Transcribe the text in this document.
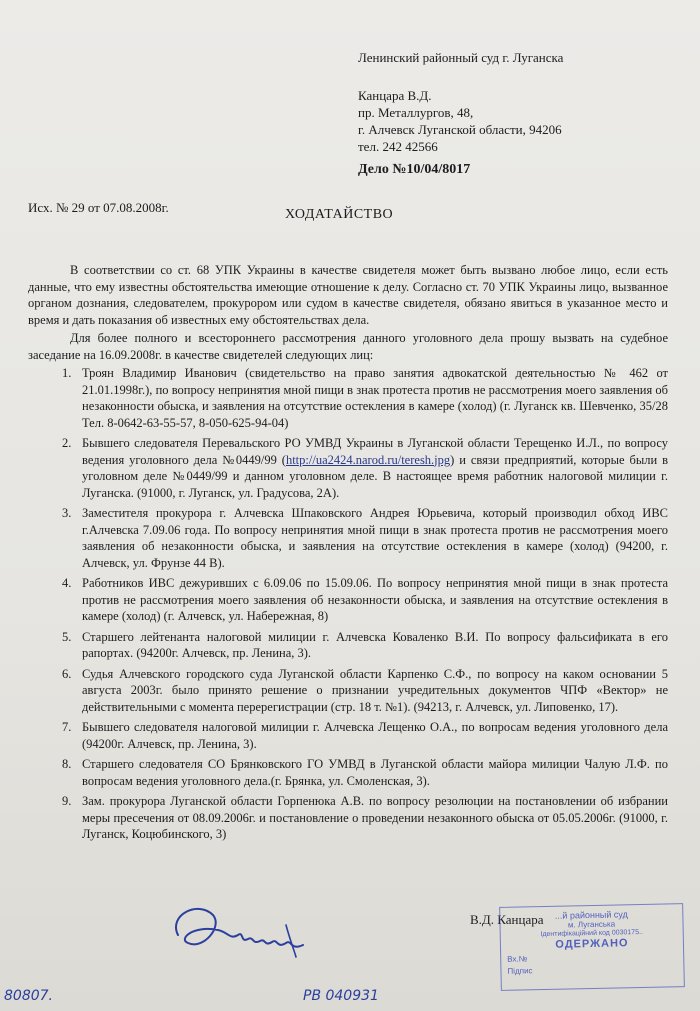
Ленинский районный суд г. Луганска
Канцара В.Д.
пр. Металлургов, 48,
г. Алчевск Луганской области, 94206
тел. 242 42566
Дело №10/04/8017
Исх. № 29 от 07.08.2008г.	ХОДАТАЙСТВО

В соответствии со ст. 68 УПК Украины в качестве свидетеля может быть вызвано любое лицо, если есть данные, что ему известны обстоятельства имеющие отношение к делу. Согласно ст. 70 УПК Украины лицо, вызванное органом дознания, следователем, прокурором или судом в качестве свидетеля, обязано явиться в указанное место и время и дать показания об известных ему обстоятельствах дела.

Для более полного и всестороннего рассмотрения данного уголовного дела прошу вызвать на судебное заседание на 16.09.2008г. в качестве свидетелей следующих лиц:

1. Троян Владимир Иванович (свидетельство на право занятия адвокатской деятельностью № 462 от 21.01.1998г.), по вопросу непринятия мной пищи в знак протеста против не рассмотрения моего заявления об незаконности обыска, и заявления на отсутствие остекления в камере (холод) (г. Луганск кв. Шевченко, 35/28 Тел. 8-0642-63-55-57, 8-050-625-94-04)
2. Бывшего следователя Перевальского РО УМВД Украины в Луганской области Терещенко И.Л., по вопросу ведения уголовного дела №0449/99 (http://ua2424.narod.ru/teresh.jpg) и связи предприятий, которые были в уголовном деле №0449/99 и данном уголовном деле. В настоящее время работник налоговой милиции г. Луганска. (91000, г. Луганск, ул. Градусова, 2А).
3. Заместителя прокурора г. Алчевска Шпаковского Андрея Юрьевича, который производил обход ИВС г.Алчевска 7.09.06 года. По вопросу непринятия мной пищи в знак протеста против не рассмотрения моего заявления об незаконности обыска, и заявления на отсутствие остекления в камере (холод) (94200, г. Алчевск, ул. Фрунзе 44 В).
4. Работников ИВС дежуривших с 6.09.06 по 15.09.06. По вопросу непринятия мной пищи в знак протеста против не рассмотрения моего заявления об незаконности обыска, и заявления на отсутствие остекления в камере (холод) (г. Алчевск, ул. Набережная, 8)
5. Старшего лейтенанта налоговой милиции г. Алчевска Коваленко В.И. По вопросу фальсификата в его рапортах. (94200г. Алчевск, пр. Ленина, 3).
6. Судья Алчевского городского суда Луганской области Карпенко С.Ф., по вопросу на каком основании 5 августа 2003г. было принято решение о признании учредительных документов ЧПФ «Вектор» не действительными с момента перерегистрации (стр. 18 т. №1). (94213, г. Алчевск, ул. Липовенко, 17).
7. Бывшего следователя налоговой милиции г. Алчевска Лещенко О.А., по вопросам ведения уголовного дела (94200г. Алчевск, пр. Ленина, 3).
8. Старшего следователя СО Брянковского ГО УМВД в Луганской области майора милиции Чалую Л.Ф. по вопросам ведения уголовного дела.(г. Брянка, ул. Смоленская, 3).
9. Зам. прокурора Луганской области Горпенюка А.В. по вопросу резолюции на постановлении об избрании меры пресечения от 08.09.2006г. и постановление о проведении незаконного обыска от 05.05.2006г. (91000, г. Луганск, Коцюбинского, 3)
В.Д. Канцара	...й районный суд
м. Луганська
Ідентифікаційний код 0030175..
ОДЕРЖАНО
Вх.№
Підпис
80807.	PB 040931
